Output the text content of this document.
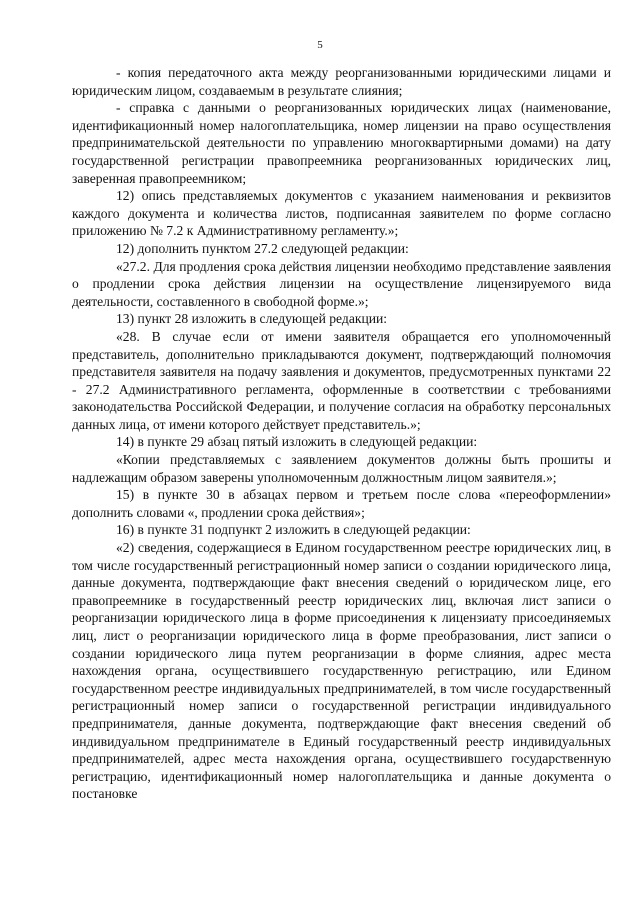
5

- копия передаточного акта между реорганизованными юридическими лицами и юридическим лицом, создаваемым в результате слияния;

- справка с данными о реорганизованных юридических лицах (наименование, идентификационный номер налогоплательщика, номер лицензии на право осуществления предпринимательской деятельности по управлению многоквартирными домами) на дату государственной регистрации правопреемника реорганизованных юридических лиц, заверенная правопреемником;

12) опись представляемых документов с указанием наименования и реквизитов каждого документа и количества листов, подписанная заявителем по форме согласно приложению № 7.2 к Административному регламенту.»;

12) дополнить пунктом 27.2 следующей редакции:

«27.2. Для продления срока действия лицензии необходимо представление заявления о продлении срока действия лицензии на осуществление лицензируемого вида деятельности, составленного в свободной форме.»;

13) пункт 28 изложить в следующей редакции:

«28. В случае если от имени заявителя обращается его уполномоченный представитель, дополнительно прикладываются документ, подтверждающий полномочия представителя заявителя на подачу заявления и документов, предусмотренных пунктами 22 - 27.2 Административного регламента, оформленные в соответствии с требованиями законодательства Российской Федерации, и получение согласия на обработку персональных данных лица, от имени которого действует представитель.»;

14) в пункте 29 абзац пятый изложить в следующей редакции:

«Копии представляемых с заявлением документов должны быть прошиты и надлежащим образом заверены уполномоченным должностным лицом заявителя.»;

15) в пункте 30 в абзацах первом и третьем после слова «переоформлении» дополнить словами «, продлении срока действия»;

16) в пункте 31 подпункт 2 изложить в следующей редакции:

«2) сведения, содержащиеся в Едином государственном реестре юридических лиц, в том числе государственный регистрационный номер записи о создании юридического лица, данные документа, подтверждающие факт внесения сведений о юридическом лице, его правопреемнике в государственный реестр юридических лиц, включая лист записи о реорганизации юридического лица в форме присоединения к лицензиату присоединяемых лиц, лист о реорганизации юридического лица в форме преобразования, лист записи о создании юридического лица путем реорганизации в форме слияния, адрес места нахождения органа, осуществившего государственную регистрацию, или Едином государственном реестре индивидуальных предпринимателей, в том числе государственный регистрационный номер записи о государственной регистрации индивидуального предпринимателя, данные документа, подтверждающие факт внесения сведений об индивидуальном предпринимателе в Единый государственный реестр индивидуальных предпринимателей, адрес места нахождения органа, осуществившего государственную регистрацию, идентификационный номер налогоплательщика и данные документа о постановке
